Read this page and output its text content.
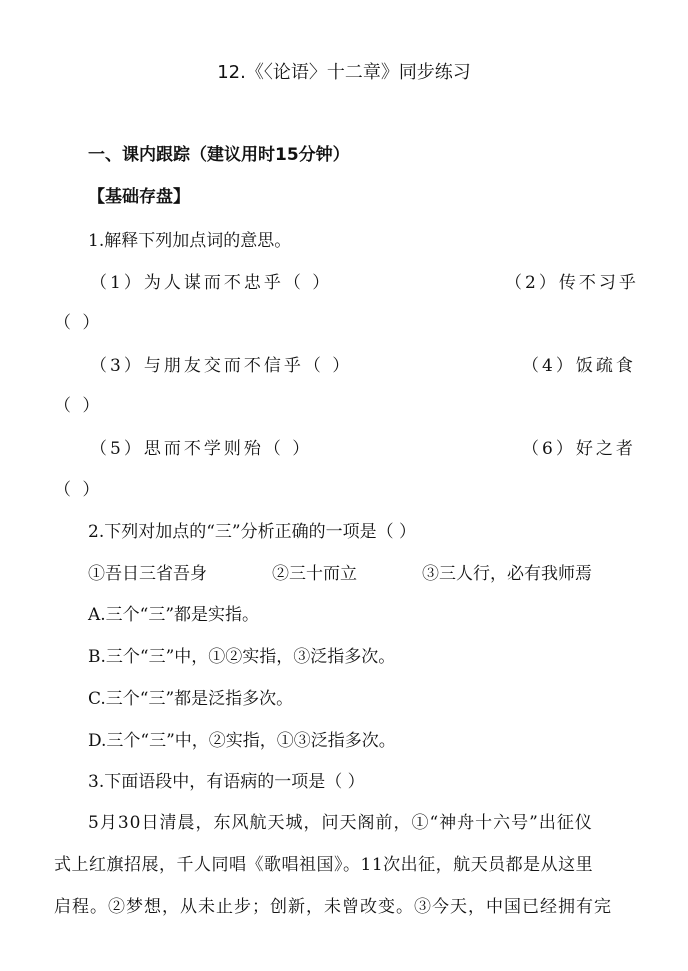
12.《〈论语〉十二章》同步练习
一、课内跟踪（建议用时15分钟）
【基础存盘】
1.解释下列加点词的意思。
（1）为人谋而不忠乎（ ）	（2）传不习乎
（ ）
（3）与朋友交而不信乎（ ）	（4）饭疏食
（ ）
（5）思而不学则殆（ ）	（6）好之者
（ ）
2.下列对加点的“三”分析正确的一项是（ ）
①吾日三省吾身	②三十而立	③三人行，必有我师焉
A.三个“三”都是实指。
B.三个“三”中，①②实指，③泛指多次。
C.三个“三”都是泛指多次。
D.三个“三”中，②实指，①③泛指多次。
3.下面语段中，有语病的一项是（ ）
5月30日清晨，东风航天城，问天阁前，①“神舟十六号”出征仪
式上红旗招展，千人同唱《歌唱祖国》。11次出征，航天员都是从这里
启程。②梦想，从未止步；创新，未曾改变。③今天，中国已经拥有完
